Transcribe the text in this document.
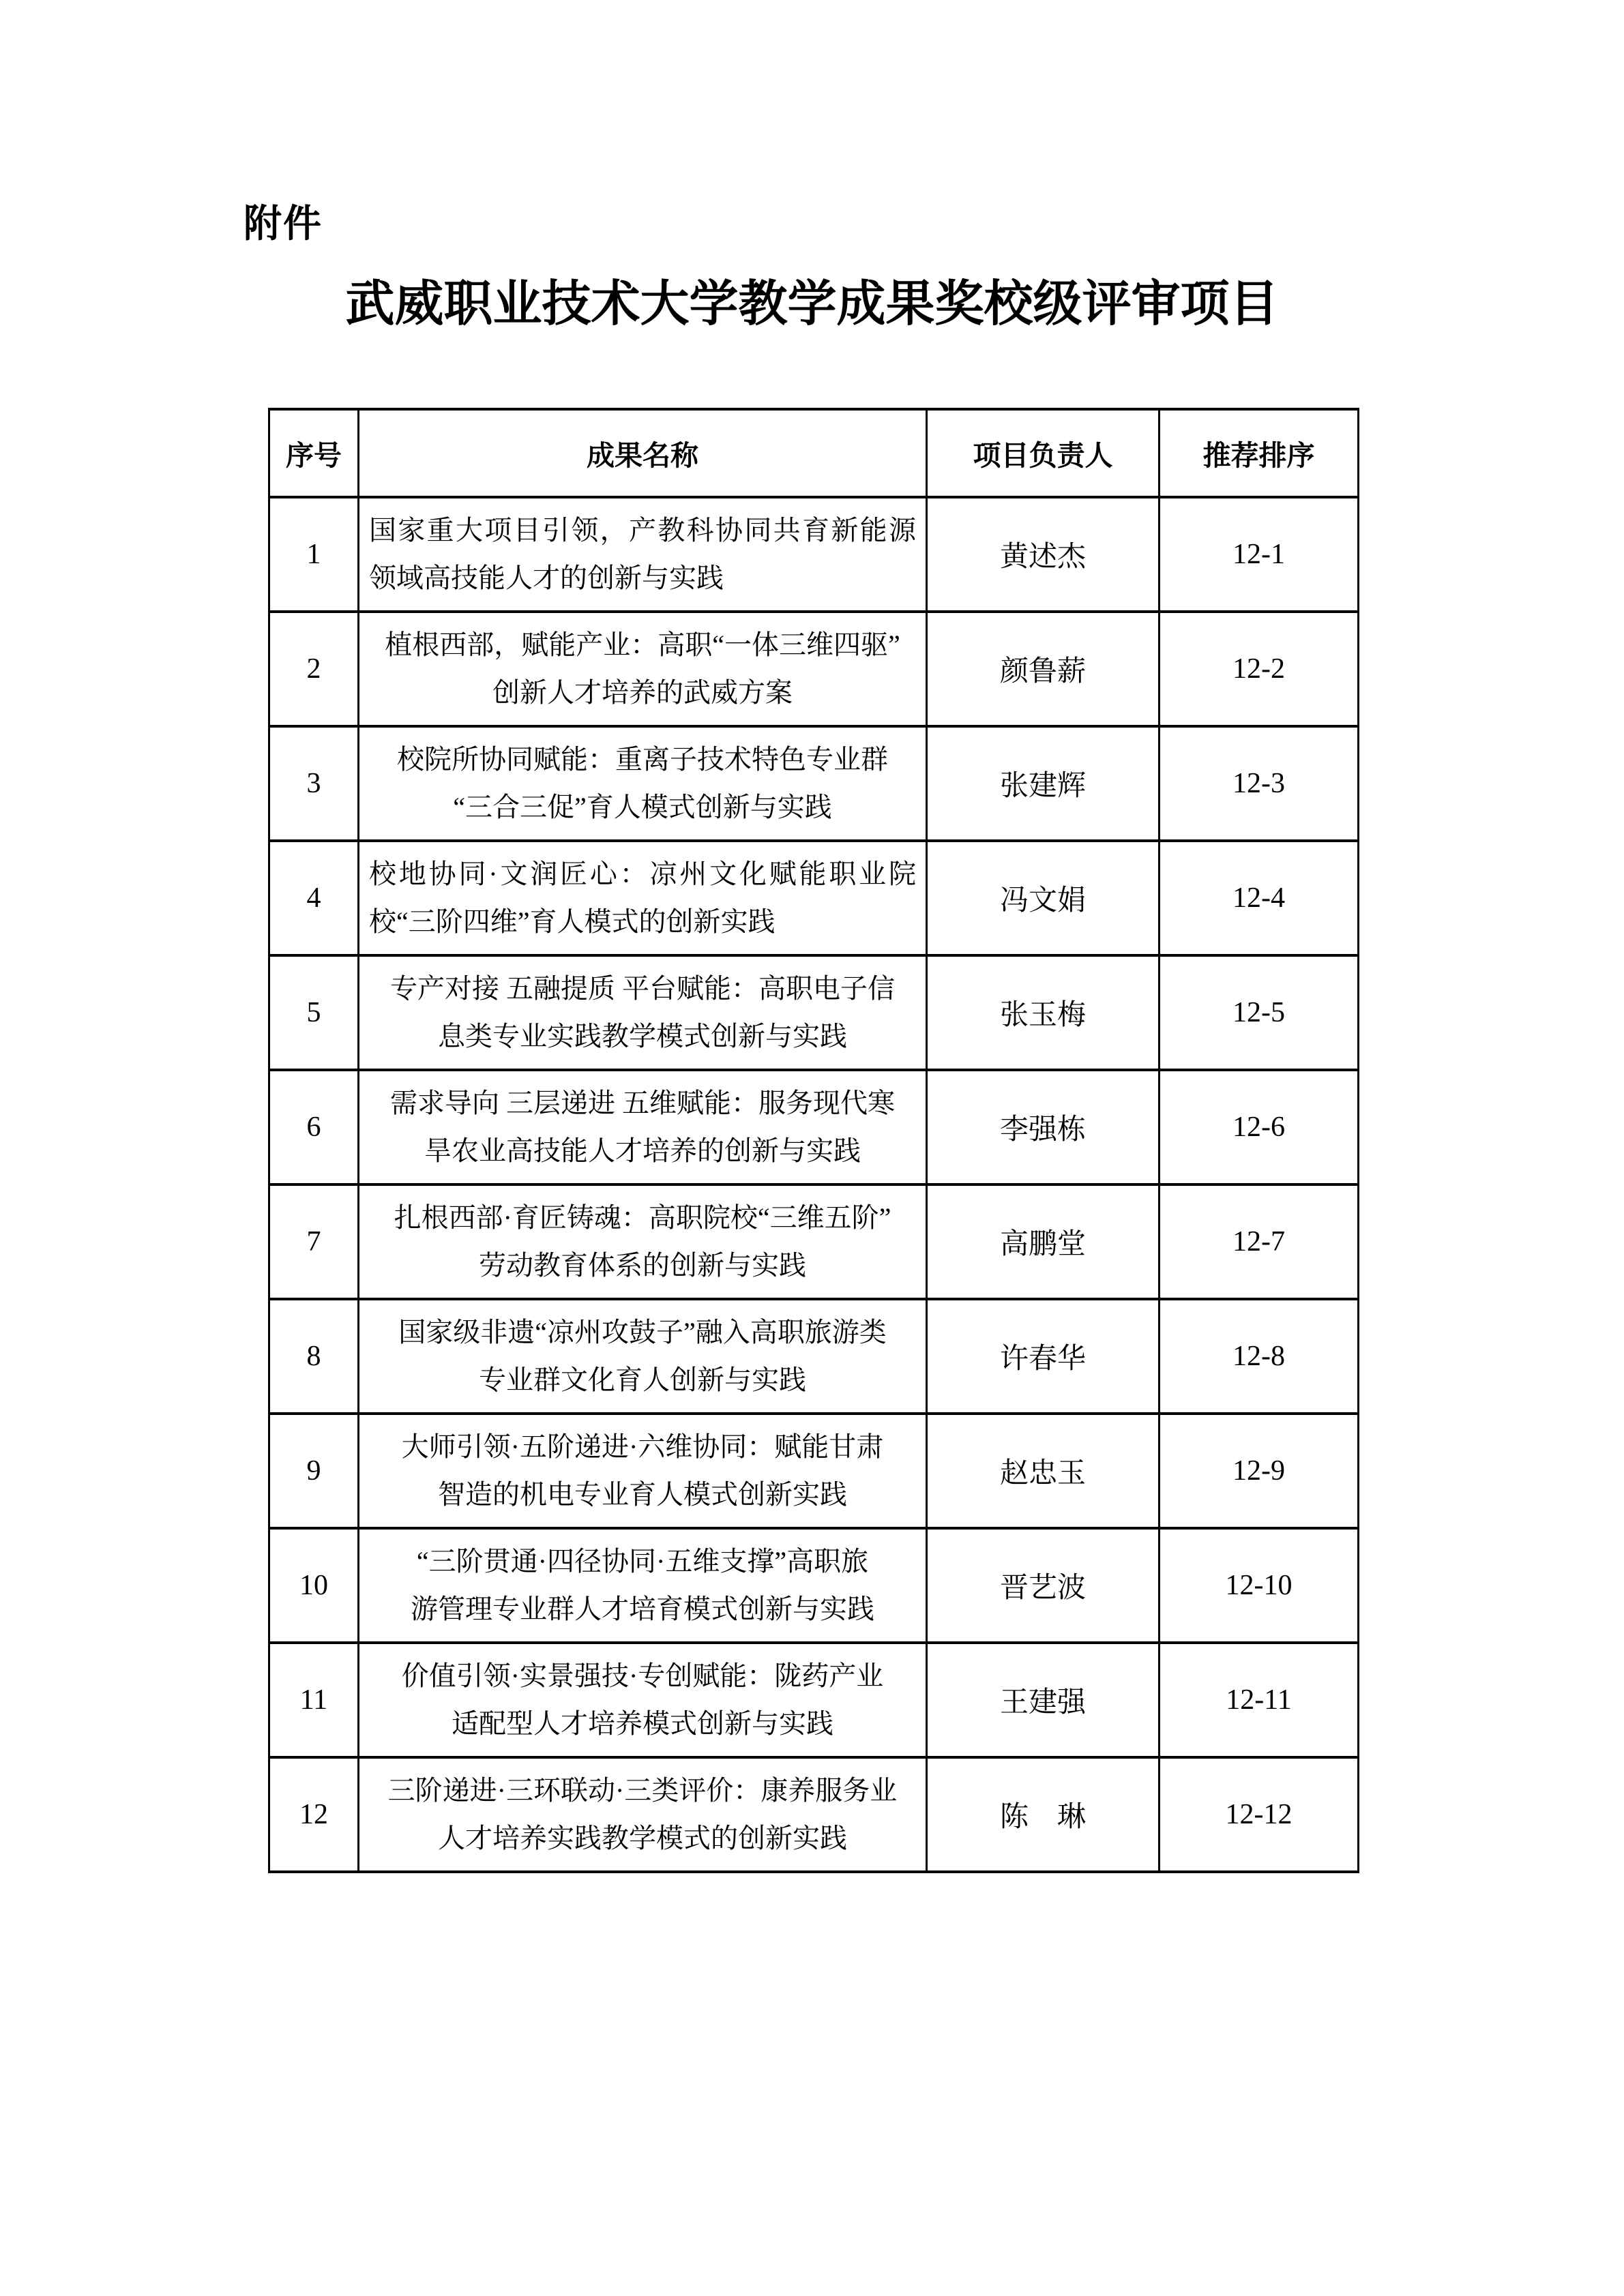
附件
武威职业技术大学教学成果奖校级评审项目
序号	成果名称	项目负责人	推荐排序
1	国家重大项目引领，产教科协同共育新能源
领域高技能人才的创新与实践	黄述杰	12-1
2	植根西部，赋能产业：高职“一体三维四驱”
创新人才培养的武威方案	颜鲁薪	12-2
3	校院所协同赋能：重离子技术特色专业群
“三合三促”育人模式创新与实践	张建辉	12-3
4	校地协同·文润匠心：凉州文化赋能职业院
校“三阶四维”育人模式的创新实践	冯文娟	12-4
5	专产对接 五融提质 平台赋能：高职电子信
息类专业实践教学模式创新与实践	张玉梅	12-5
6	需求导向 三层递进 五维赋能：服务现代寒
旱农业高技能人才培养的创新与实践	李强栋	12-6
7	扎根西部·育匠铸魂：高职院校“三维五阶”
劳动教育体系的创新与实践	高鹏堂	12-7
8	国家级非遗“凉州攻鼓子”融入高职旅游类
专业群文化育人创新与实践	许春华	12-8
9	大师引领·五阶递进·六维协同：赋能甘肃
智造的机电专业育人模式创新实践	赵忠玉	12-9
10	“三阶贯通·四径协同·五维支撑”高职旅
游管理专业群人才培育模式创新与实践	晋艺波	12-10
11	价值引领·实景强技·专创赋能：陇药产业
适配型人才培养模式创新与实践	王建强	12-11
12	三阶递进·三环联动·三类评价：康养服务业
人才培养实践教学模式的创新实践	陈　琳	12-12
